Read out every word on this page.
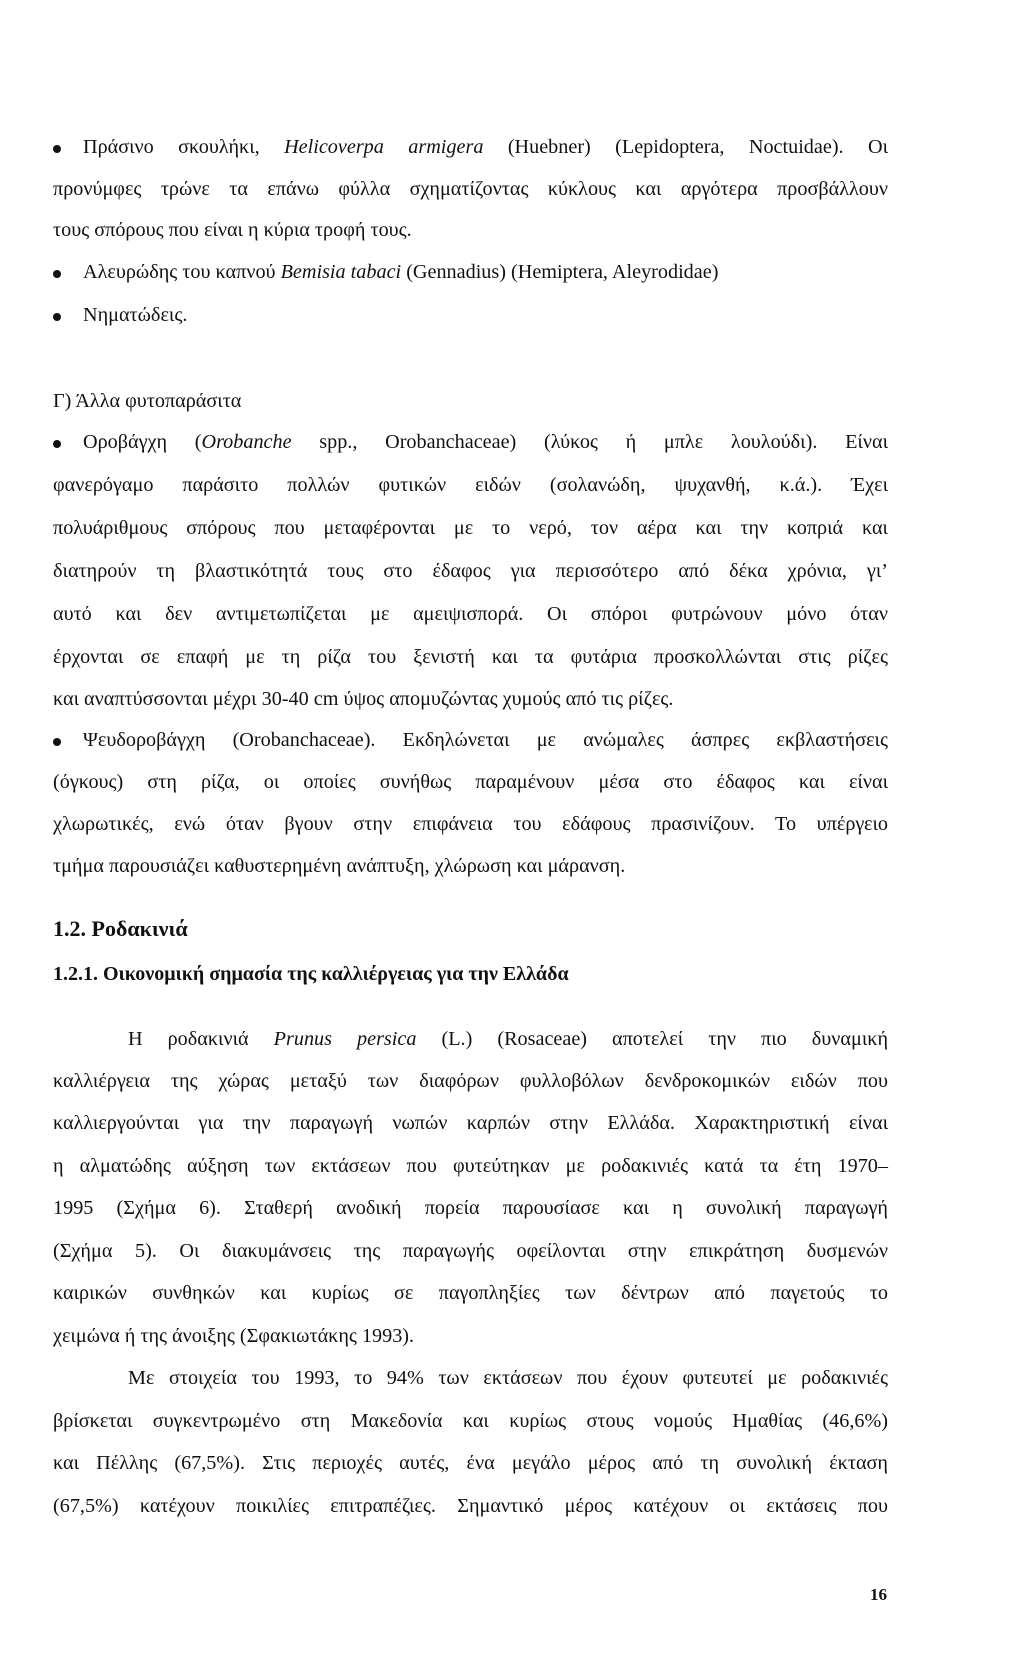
Πράσινο σκουλήκι, Helicoverpa armigera (Huebner) (Lepidoptera, Noctuidae). Οι
προνύμφες τρώνε τα επάνω φύλλα σχηματίζοντας κύκλους και αργότερα προσβάλλουν
τους σπόρους που είναι η κύρια τροφή τους.
Αλευρώδης του καπνού Bemisia tabaci (Gennadius) (Hemiptera, Aleyrodidae)
Νηματώδεις.
Γ) Άλλα φυτοπαράσιτα
Οροβάγχη (Orobanche spp., Orobanchaceae) (λύκος ή μπλε λουλούδι). Είναι
φανερόγαμο παράσιτο πολλών φυτικών ειδών (σολανώδη, ψυχανθή, κ.ά.). Έχει
πολυάριθμους σπόρους που μεταφέρονται με το νερό, τον αέρα και την κοπριά και
διατηρούν τη βλαστικότητά τους στο έδαφος για περισσότερο από δέκα χρόνια, γι’
αυτό και δεν αντιμετωπίζεται με αμειψισπορά. Οι σπόροι φυτρώνουν μόνο όταν
έρχονται σε επαφή με τη ρίζα του ξενιστή και τα φυτάρια προσκολλώνται στις ρίζες
και αναπτύσσονται μέχρι 30-40 cm ύψος απομυζώντας χυμούς από τις ρίζες.
Ψευδοροβάγχη (Orobanchaceae). Εκδηλώνεται με ανώμαλες άσπρες εκβλαστήσεις
(όγκους) στη ρίζα, οι οποίες συνήθως παραμένουν μέσα στο έδαφος και είναι
χλωρωτικές, ενώ όταν βγουν στην επιφάνεια του εδάφους πρασινίζουν. Το υπέργειο
τμήμα παρουσιάζει καθυστερημένη ανάπτυξη, χλώρωση και μάρανση.
1.2. Ροδακινιά
1.2.1. Οικονομική σημασία της καλλιέργειας για την Ελλάδα
Η ροδακινιά Prunus persica (L.) (Rosaceae) αποτελεί την πιο δυναμική
καλλιέργεια της χώρας μεταξύ των διαφόρων φυλλοβόλων δενδροκομικών ειδών που
καλλιεργούνται για την παραγωγή νωπών καρπών στην Ελλάδα. Χαρακτηριστική είναι
η αλματώδης αύξηση των εκτάσεων που φυτεύτηκαν με ροδακινιές κατά τα έτη 1970–
1995 (Σχήμα 6). Σταθερή ανοδική πορεία παρουσίασε και η συνολική παραγωγή
(Σχήμα 5). Οι διακυμάνσεις της παραγωγής οφείλονται στην επικράτηση δυσμενών
καιρικών συνθηκών και κυρίως σε παγοπληξίες των δέντρων από παγετούς το
χειμώνα ή της άνοιξης (Σφακιωτάκης 1993).
Με στοιχεία του 1993, το 94% των εκτάσεων που έχουν φυτευτεί με ροδακινιές
βρίσκεται συγκεντρωμένο στη Μακεδονία και κυρίως στους νομούς Ημαθίας (46,6%)
και Πέλλης (67,5%). Στις περιοχές αυτές, ένα μεγάλο μέρος από τη συνολική έκταση
(67,5%) κατέχουν ποικιλίες επιτραπέζιες. Σημαντικό μέρος κατέχουν οι εκτάσεις που
16
